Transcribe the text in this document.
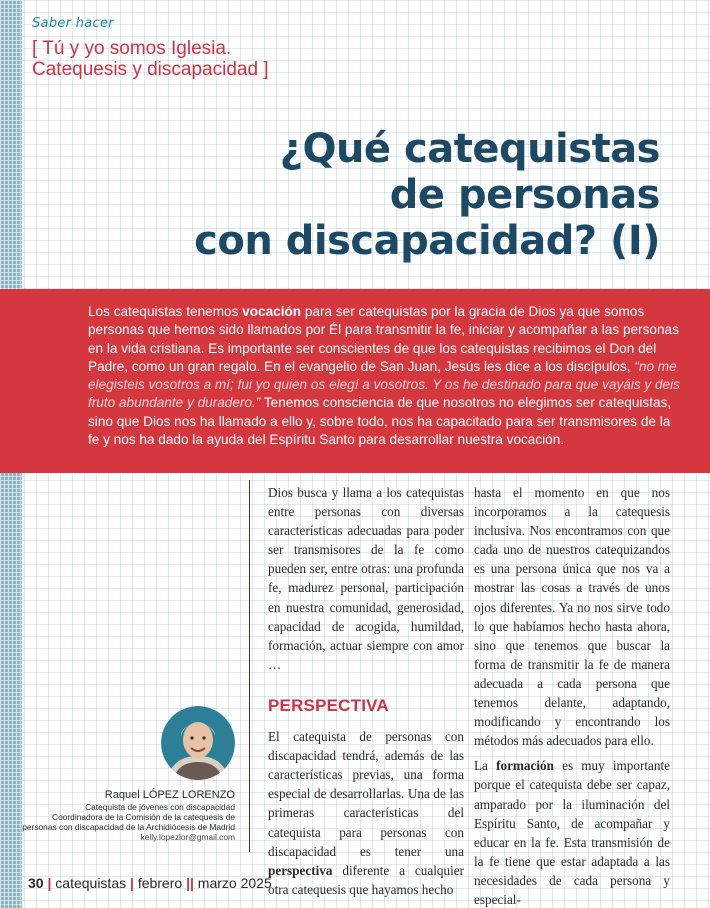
Saber hacer
[ Tú y yo somos Iglesia.
Catequesis y discapacidad ]
¿Qué catequistas
de personas
con discapacidad? (I)

Los catequistas tenemos vocación para ser catequistas por la gracia de Dios ya que somos personas que hemos sido llamados por Él para transmitir la fe, iniciar y acompañar a las personas en la vida cristiana. Es importante ser conscientes de que los catequistas recibimos el Don del Padre, como un gran regalo. En el evangelio de San Juan, Jesús les dice a los discípulos, “no me elegisteis vosotros a mí; fui yo quien os elegí a vosotros. Y os he destinado para que vayáis y deis fruto abundante y duradero.” Tenemos consciencia de que nosotros no elegimos ser catequistas, sino que Dios nos ha llamado a ello y, sobre todo, nos ha capacitado para ser transmisores de la fe y nos ha dado la ayuda del Espíritu Santo para desarrollar nuestra vocación.

Dios busca y llama a los catequistas entre personas con diversas características adecuadas para poder ser transmisores de la fe como pueden ser, entre otras: una profunda fe, madurez personal, participación en nuestra comunidad, generosidad, capacidad de acogida, humildad, formación, actuar siempre con amor …

PERSPECTIVA

El catequista de personas con discapacidad tendrá, además de las características previas, una forma especial de desarrollarlas. Una de las primeras características del catequista para personas con discapacidad es tener una perspectiva diferente a cualquier otra catequesis que hayamos hecho

hasta el momento en que nos incorporamos a la catequesis inclusiva. Nos encontramos con que cada uno de nuestros catequizandos es una persona única que nos va a mostrar las cosas a través de unos ojos diferentes. Ya no nos sirve todo lo que habíamos hecho hasta ahora, sino que tenemos que buscar la forma de transmitir la fe de manera adecuada a cada persona que tenemos delante, adaptando, modificando y encontrando los métodos más adecuados para ello.

La formación es muy importante porque el catequista debe ser capaz, amparado por la iluminación del Espíritu Santo, de acompañar y educar en la fe. Esta transmisión de la fe tiene que estar adaptada a las necesidades de cada persona y especial-

Raquel LÓPEZ LORENZO
Catequista de jóvenes con discapacidad
Coordinadora de la Comisión de la catequesis de
personas con discapacidad de la Archidiócesis de Madrid
kelly.lopezlor@gmail.com
30 | catequistas | febrero || marzo 2025
